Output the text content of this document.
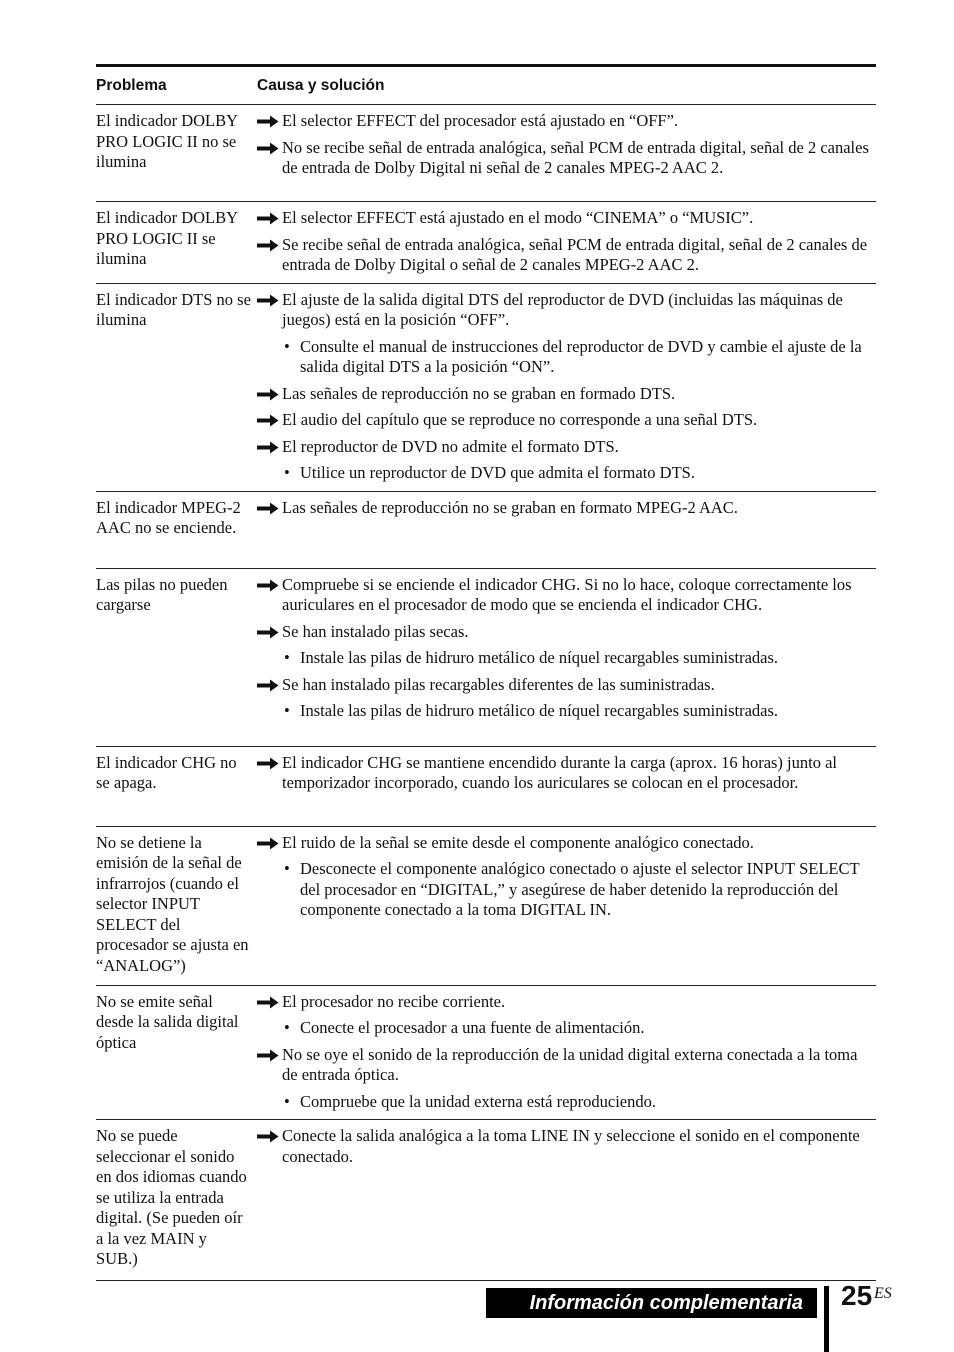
Problema	Causa y solución
El indicador DOLBY PRO LOGIC II no se ilumina
El selector EFFECT del procesador está ajustado en “OFF”.
No se recibe señal de entrada analógica, señal PCM de entrada digital, señal de 2 canales de entrada de Dolby Digital ni señal de 2 canales MPEG-2 AAC 2.
El indicador DOLBY PRO LOGIC II se ilumina
El selector EFFECT está ajustado en el modo “CINEMA” o “MUSIC”.
Se recibe señal de entrada analógica, señal PCM de entrada digital, señal de 2 canales de entrada de Dolby Digital o señal de 2 canales MPEG-2 AAC 2.
El indicador DTS no se ilumina
El ajuste de la salida digital DTS del reproductor de DVD (incluidas las máquinas de juegos) está en la posición “OFF”.
• Consulte el manual de instrucciones del reproductor de DVD y cambie el ajuste de la salida digital DTS a la posición “ON”.
Las señales de reproducción no se graban en formado DTS.
El audio del capítulo que se reproduce no corresponde a una señal DTS.
El reproductor de DVD no admite el formato DTS.
• Utilice un reproductor de DVD que admita el formato DTS.
El indicador MPEG-2 AAC no se enciende.
Las señales de reproducción no se graban en formato MPEG-2 AAC.
Las pilas no pueden cargarse
Compruebe si se enciende el indicador CHG. Si no lo hace, coloque correctamente los auriculares en el procesador de modo que se encienda el indicador CHG.
Se han instalado pilas secas.
• Instale las pilas de hidruro metálico de níquel recargables suministradas.
Se han instalado pilas recargables diferentes de las suministradas.
• Instale las pilas de hidruro metálico de níquel recargables suministradas.
El indicador CHG no se apaga.
El indicador CHG se mantiene encendido durante la carga (aprox. 16 horas) junto al temporizador incorporado, cuando los auriculares se colocan en el procesador.
No se detiene la emisión de la señal de infrarrojos (cuando el selector INPUT SELECT del procesador se ajusta en “ANALOG”)
El ruido de la señal se emite desde el componente analógico conectado.
• Desconecte el componente analógico conectado o ajuste el selector INPUT SELECT del procesador en “DIGITAL,” y asegúrese de haber detenido la reproducción del componente conectado a la toma DIGITAL IN.
No se emite señal desde la salida digital óptica
El procesador no recibe corriente.
• Conecte el procesador a una fuente de alimentación.
No se oye el sonido de la reproducción de la unidad digital externa conectada a la toma de entrada óptica.
• Compruebe que la unidad externa está reproduciendo.
No se puede seleccionar el sonido en dos idiomas cuando se utiliza la entrada digital. (Se pueden oír a la vez MAIN y SUB.)
Conecte la salida analógica a la toma LINE IN y seleccione el sonido en el componente conectado.
Información complementaria 25 ES
